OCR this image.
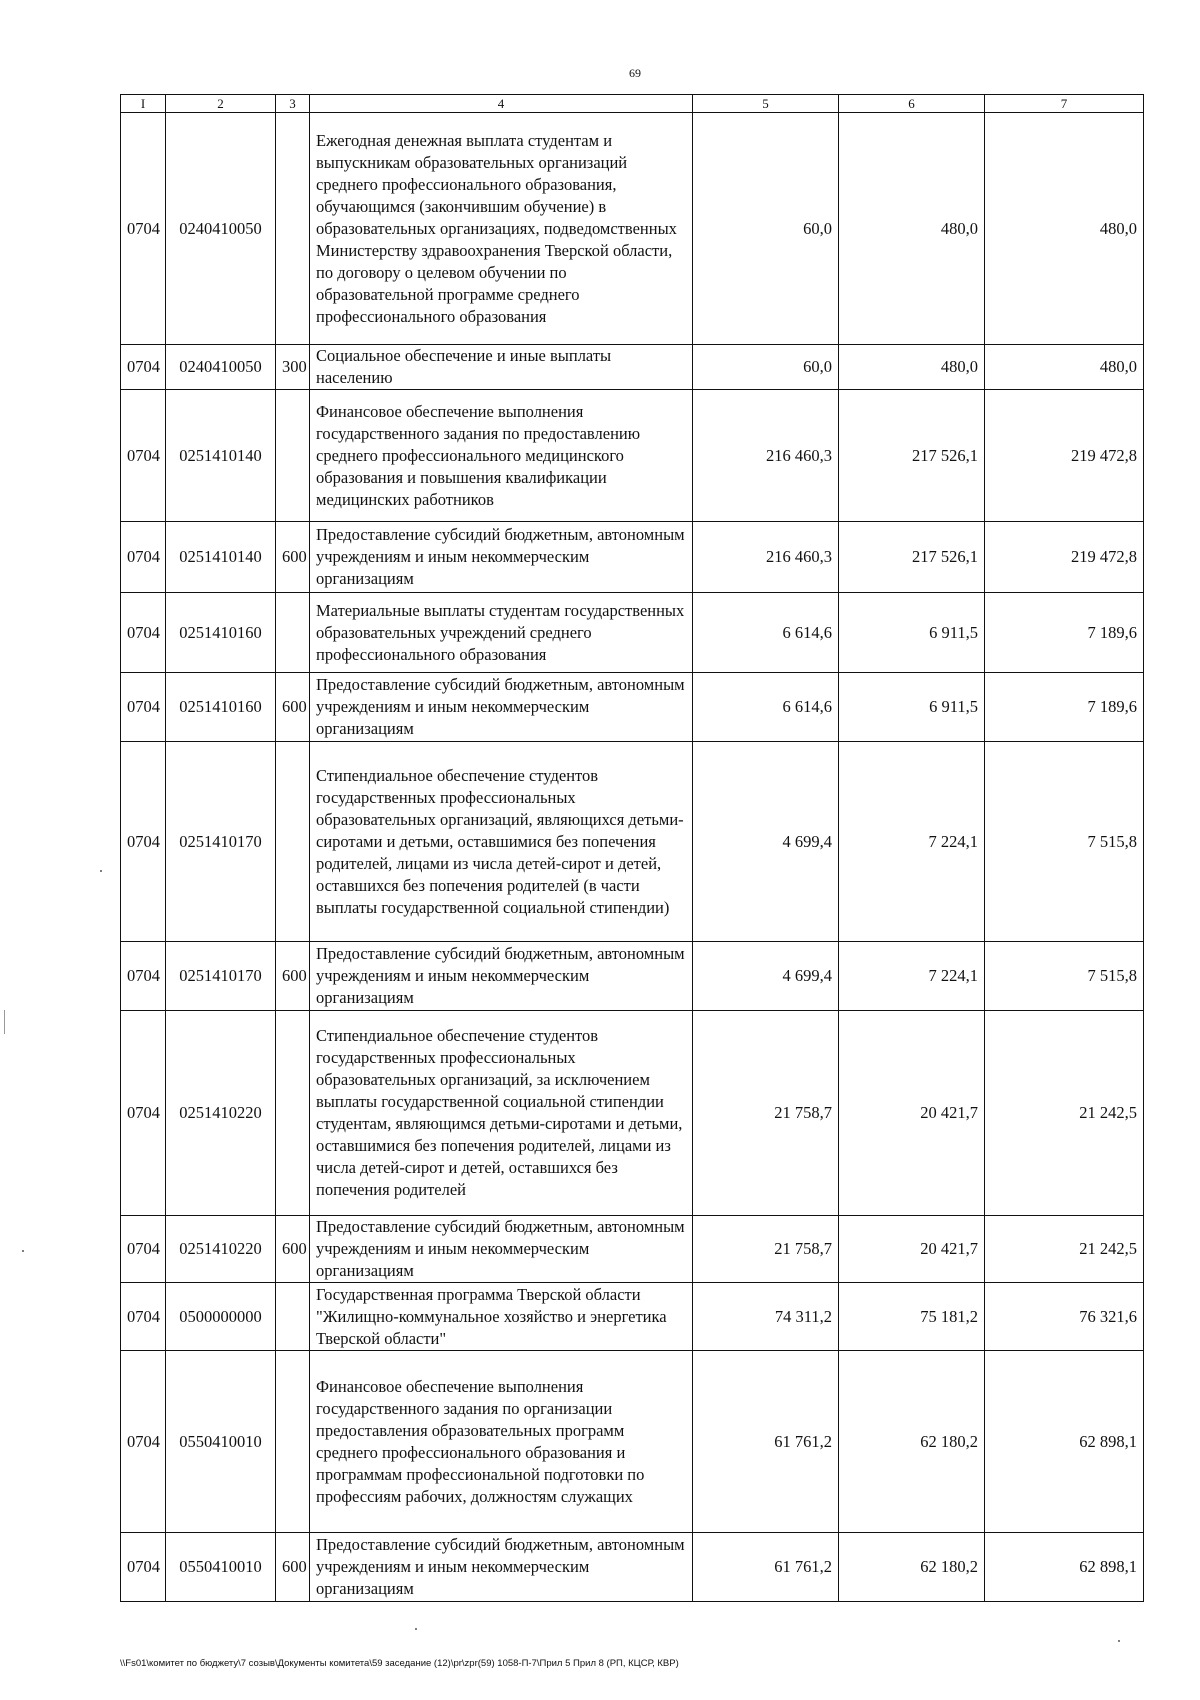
69
I	2	3	4	5	6	7
0704	0240410050		Ежегодная денежная выплата студентам и выпускникам образовательных организаций среднего профессионального образования, обучающимся (закончившим обучение) в образовательных организациях, подведомственных Министерству здравоохранения Тверской области, по договору о целевом обучении по образовательной программе среднего профессионального образования	60,0	480,0	480,0
0704	0240410050	300	Социальное обеспечение и иные выплаты населению	60,0	480,0	480,0
0704	0251410140		Финансовое обеспечение выполнения государственного задания по предоставлению среднего профессионального медицинского образования и повышения квалификации медицинских работников	216 460,3	217 526,1	219 472,8
0704	0251410140	600	Предоставление субсидий бюджетным, автономным учреждениям и иным некоммерческим организациям	216 460,3	217 526,1	219 472,8
0704	0251410160		Материальные выплаты студентам государственных образовательных учреждений среднего профессионального образования	6 614,6	6 911,5	7 189,6
0704	0251410160	600	Предоставление субсидий бюджетным, автономным учреждениям и иным некоммерческим организациям	6 614,6	6 911,5	7 189,6
0704	0251410170		Стипендиальное обеспечение студентов государственных профессиональных образовательных организаций, являющихся детьми-сиротами и детьми, оставшимися без попечения родителей, лицами из числа детей-сирот и детей, оставшихся без попечения родителей (в части выплаты государственной социальной стипендии)	4 699,4	7 224,1	7 515,8
0704	0251410170	600	Предоставление субсидий бюджетным, автономным учреждениям и иным некоммерческим организациям	4 699,4	7 224,1	7 515,8
0704	0251410220		Стипендиальное обеспечение студентов государственных профессиональных образовательных организаций, за исключением выплаты государственной социальной стипендии студентам, являющимся детьми-сиротами и детьми, оставшимися без попечения родителей, лицами из числа детей-сирот и детей, оставшихся без попечения родителей	21 758,7	20 421,7	21 242,5
0704	0251410220	600	Предоставление субсидий бюджетным, автономным учреждениям и иным некоммерческим организациям	21 758,7	20 421,7	21 242,5
0704	0500000000		Государственная программа Тверской области "Жилищно-коммунальное хозяйство и энергетика Тверской области"	74 311,2	75 181,2	76 321,6
0704	0550410010		Финансовое обеспечение выполнения государственного задания по организации предоставления образовательных программ среднего профессионального образования и программам профессиональной подготовки по профессиям рабочих, должностям служащих	61 761,2	62 180,2	62 898,1
0704	0550410010	600	Предоставление субсидий бюджетным, автономным учреждениям и иным некоммерческим организациям	61 761,2	62 180,2	62 898,1
\\Fs01\комитет по бюджету\7 созыв\Документы комитета\59 заседание (12)\pr\zpr(59) 1058-П-7\Прил 5 Прил 8 (РП, КЦСР, КВР)
